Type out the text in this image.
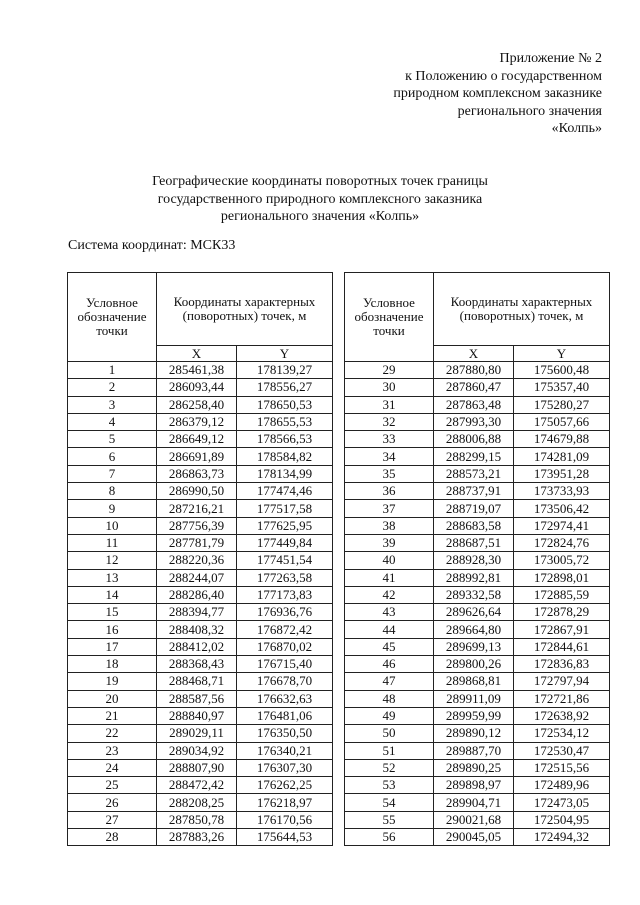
Приложение № 2
к Положению о государственном
природном комплексном заказнике
регионального значения
«Колпь»
Географические координаты поворотных точек границы
государственного природного комплексного заказника
регионального значения «Колпь»
Система координат: МСК33
Условное обозначение точки	Координаты характерных (поворотных) точек, м	
	X	Y
1	285461,38	178139,27
2	286093,44	178556,27
3	286258,40	178650,53
4	286379,12	178655,53
5	286649,12	178566,53
6	286691,89	178584,82
7	286863,73	178134,99
8	286990,50	177474,46
9	287216,21	177517,58
10	287756,39	177625,95
11	287781,79	177449,84
12	288220,36	177451,54
13	288244,07	177263,58
14	288286,40	177173,83
15	288394,77	176936,76
16	288408,32	176872,42
17	288412,02	176870,02
18	288368,43	176715,40
19	288468,71	176678,70
20	288587,56	176632,63
21	288840,97	176481,06
22	289029,11	176350,50
23	289034,92	176340,21
24	288807,90	176307,30
25	288472,42	176262,25
26	288208,25	176218,97
27	287850,78	176170,56
28	287883,26	175644,53
Условное обозначение точки	Координаты характерных (поворотных) точек, м	
	X	Y
29	287880,80	175600,48
30	287860,47	175357,40
31	287863,48	175280,27
32	287993,30	175057,66
33	288006,88	174679,88
34	288299,15	174281,09
35	288573,21	173951,28
36	288737,91	173733,93
37	288719,07	173506,42
38	288683,58	172974,41
39	288687,51	172824,76
40	288928,30	173005,72
41	288992,81	172898,01
42	289332,58	172885,59
43	289626,64	172878,29
44	289664,80	172867,91
45	289699,13	172844,61
46	289800,26	172836,83
47	289868,81	172797,94
48	289911,09	172721,86
49	289959,99	172638,92
50	289890,12	172534,12
51	289887,70	172530,47
52	289890,25	172515,56
53	289898,97	172489,96
54	289904,71	172473,05
55	290021,68	172504,95
56	290045,05	172494,32
